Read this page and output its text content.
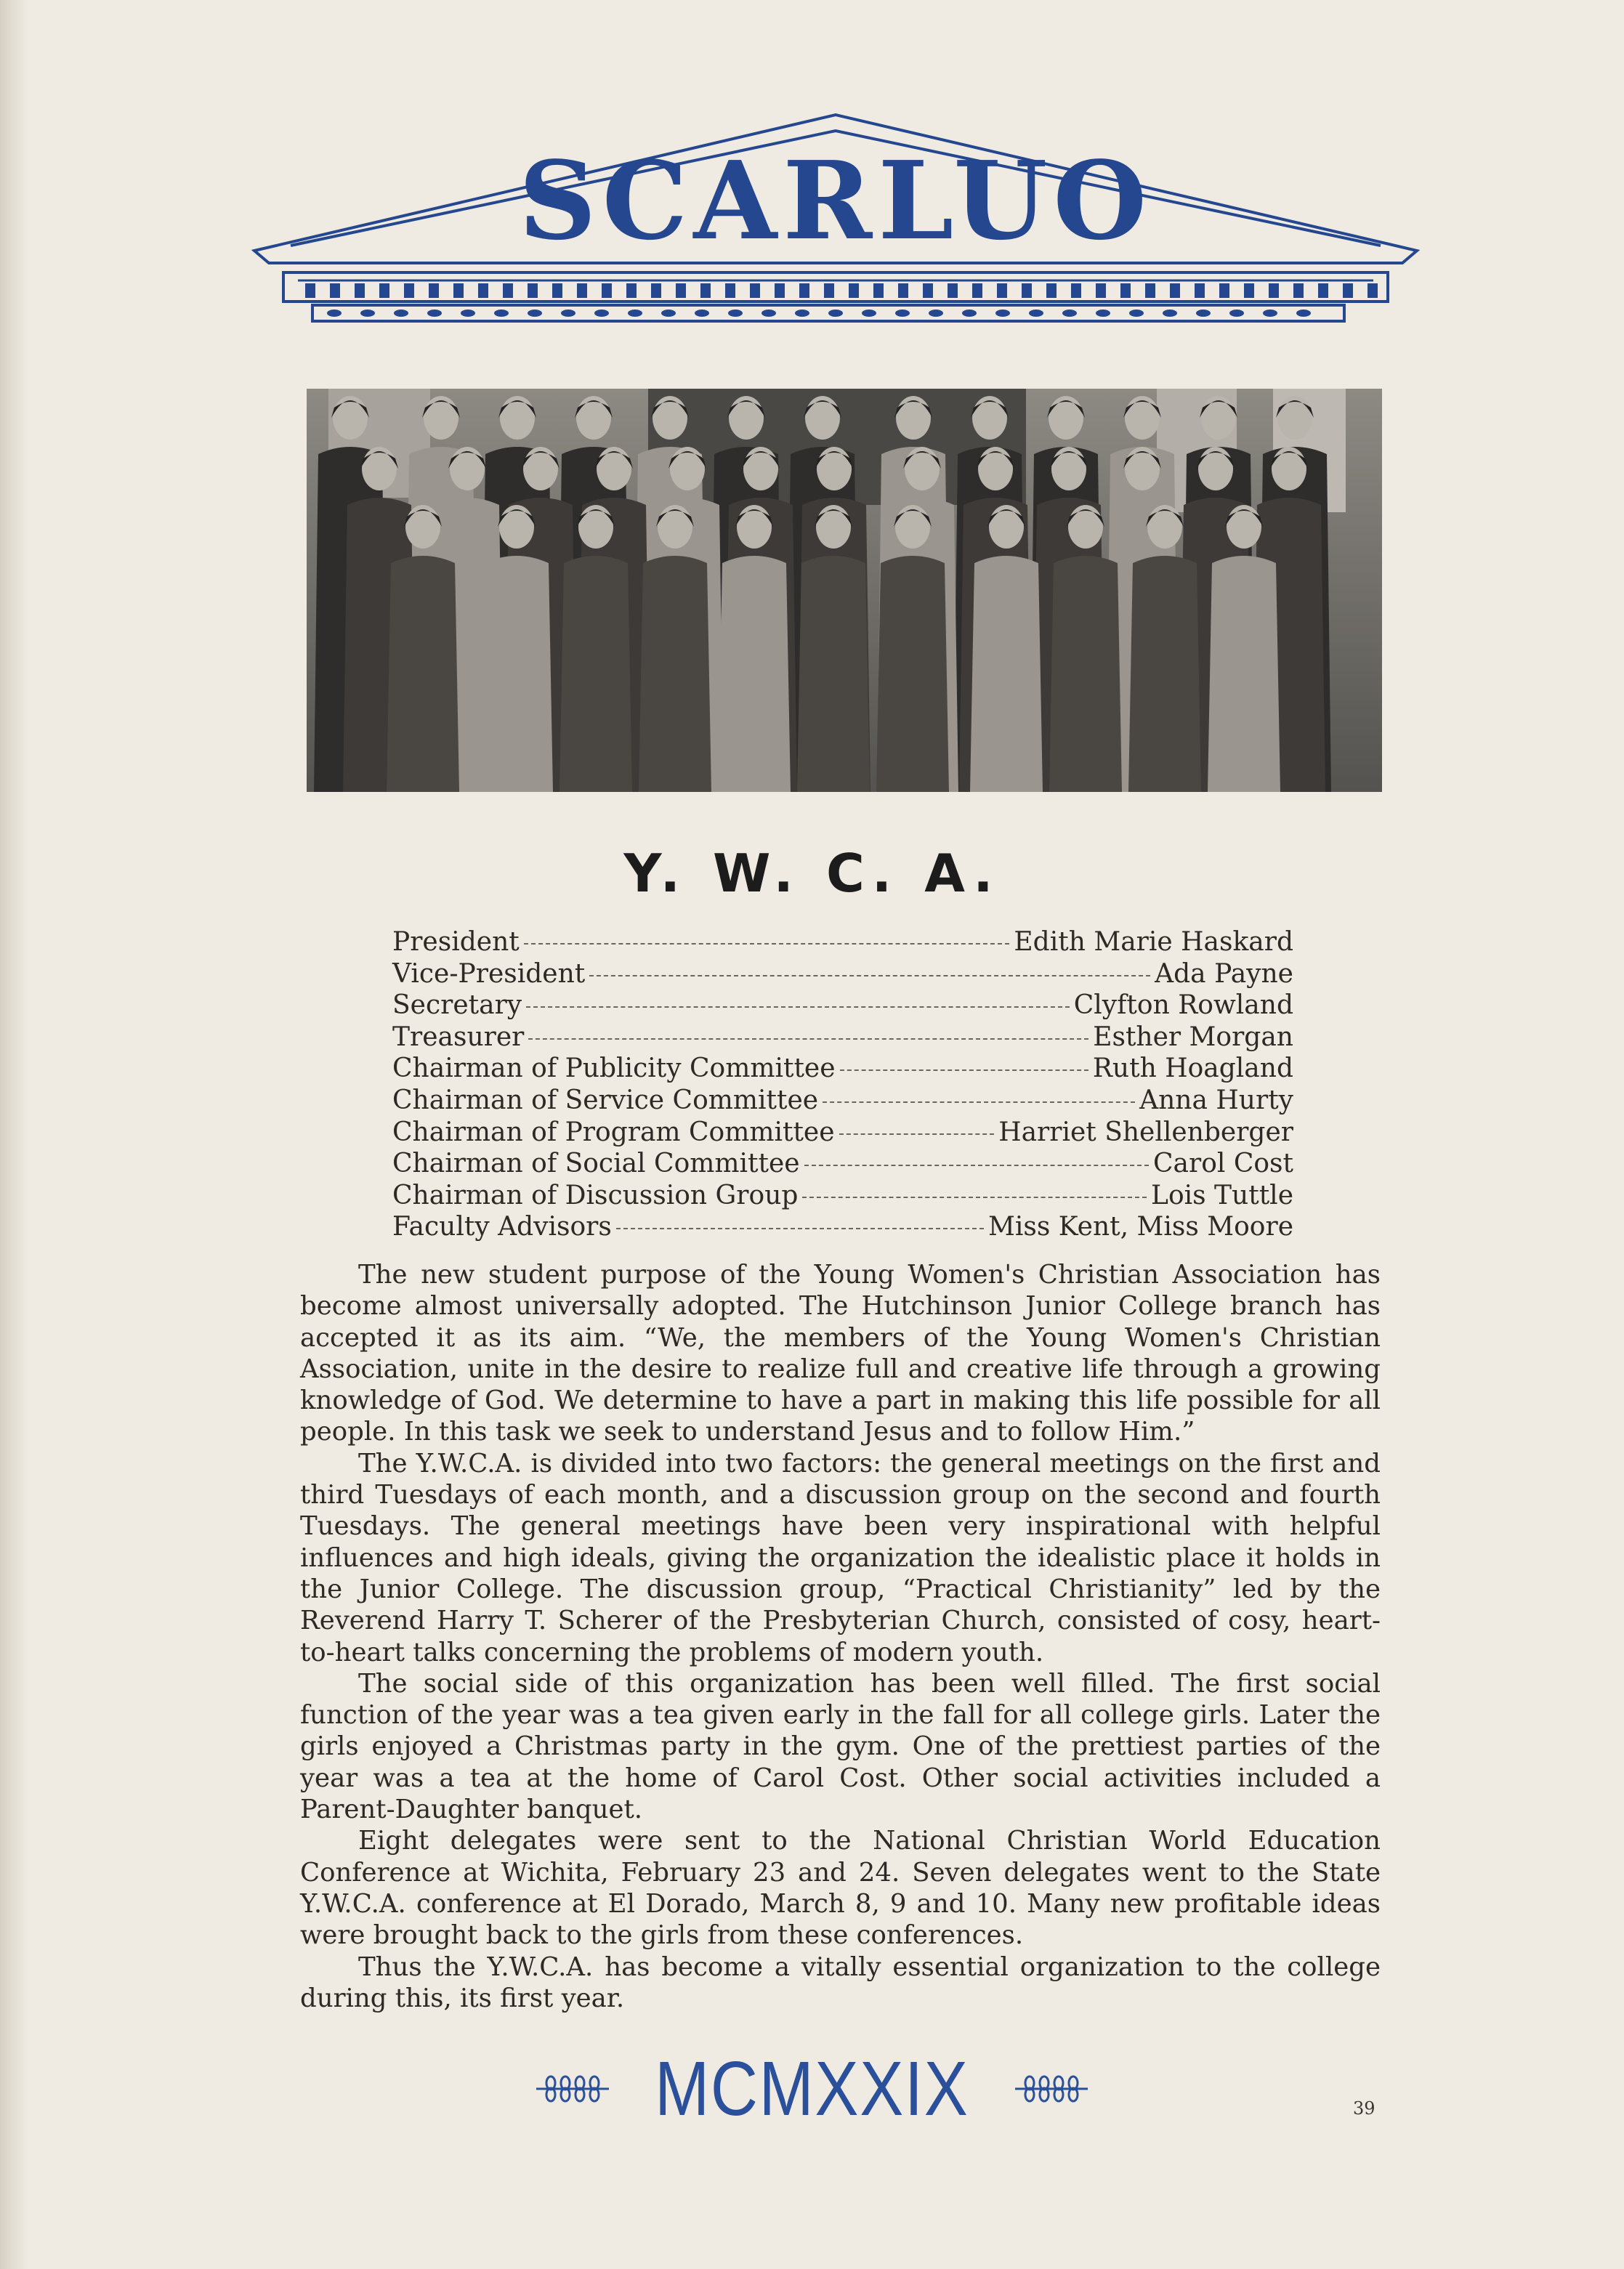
SCARLUO
Y. W. C. A.
President	Edith Marie Haskard
Vice-President	Ada Payne
Secretary	Clyfton Rowland
Treasurer	Esther Morgan
Chairman of Publicity Committee	Ruth Hoagland
Chairman of Service Committee	Anna Hurty
Chairman of Program Committee	Harriet Shellenberger
Chairman of Social Committee	Carol Cost
Chairman of Discussion Group	Lois Tuttle
Faculty Advisors	Miss Kent, Miss Moore

The new student purpose of the Young Women's Christian Association has become almost universally adopted. The Hutchinson Junior College branch has accepted it as its aim. “We, the members of the Young Women's Christian Association, unite in the desire to realize full and creative life through a growing knowledge of God. We determine to have a part in making this life possible for all people. In this task we seek to understand Jesus and to follow Him.”

The Y.W.C.A. is divided into two factors: the general meetings on the first and third Tuesdays of each month, and a discussion group on the second and fourth Tuesdays. The general meetings have been very inspirational with helpful influences and high ideals, giving the organization the idealistic place it holds in the Junior College. The discussion group, “Practical Christianity” led by the Reverend Harry T. Scherer of the Presbyterian Church, consisted of cosy, heart-to-heart talks concerning the problems of modern youth.

The social side of this organization has been well filled. The first social function of the year was a tea given early in the fall for all college girls. Later the girls enjoyed a Christmas party in the gym. One of the prettiest parties of the year was a tea at the home of Carol Cost. Other social activities included a Parent-Daughter banquet.

Eight delegates were sent to the National Christian World Education Conference at Wichita, February 23 and 24. Seven delegates went to the State Y.W.C.A. conference at El Dorado, March 8, 9 and 10. Many new profitable ideas were brought back to the girls from these conferences.

Thus the Y.W.C.A. has become a vitally essential organization to the college during this, its first year.

MCMXXIX	39
